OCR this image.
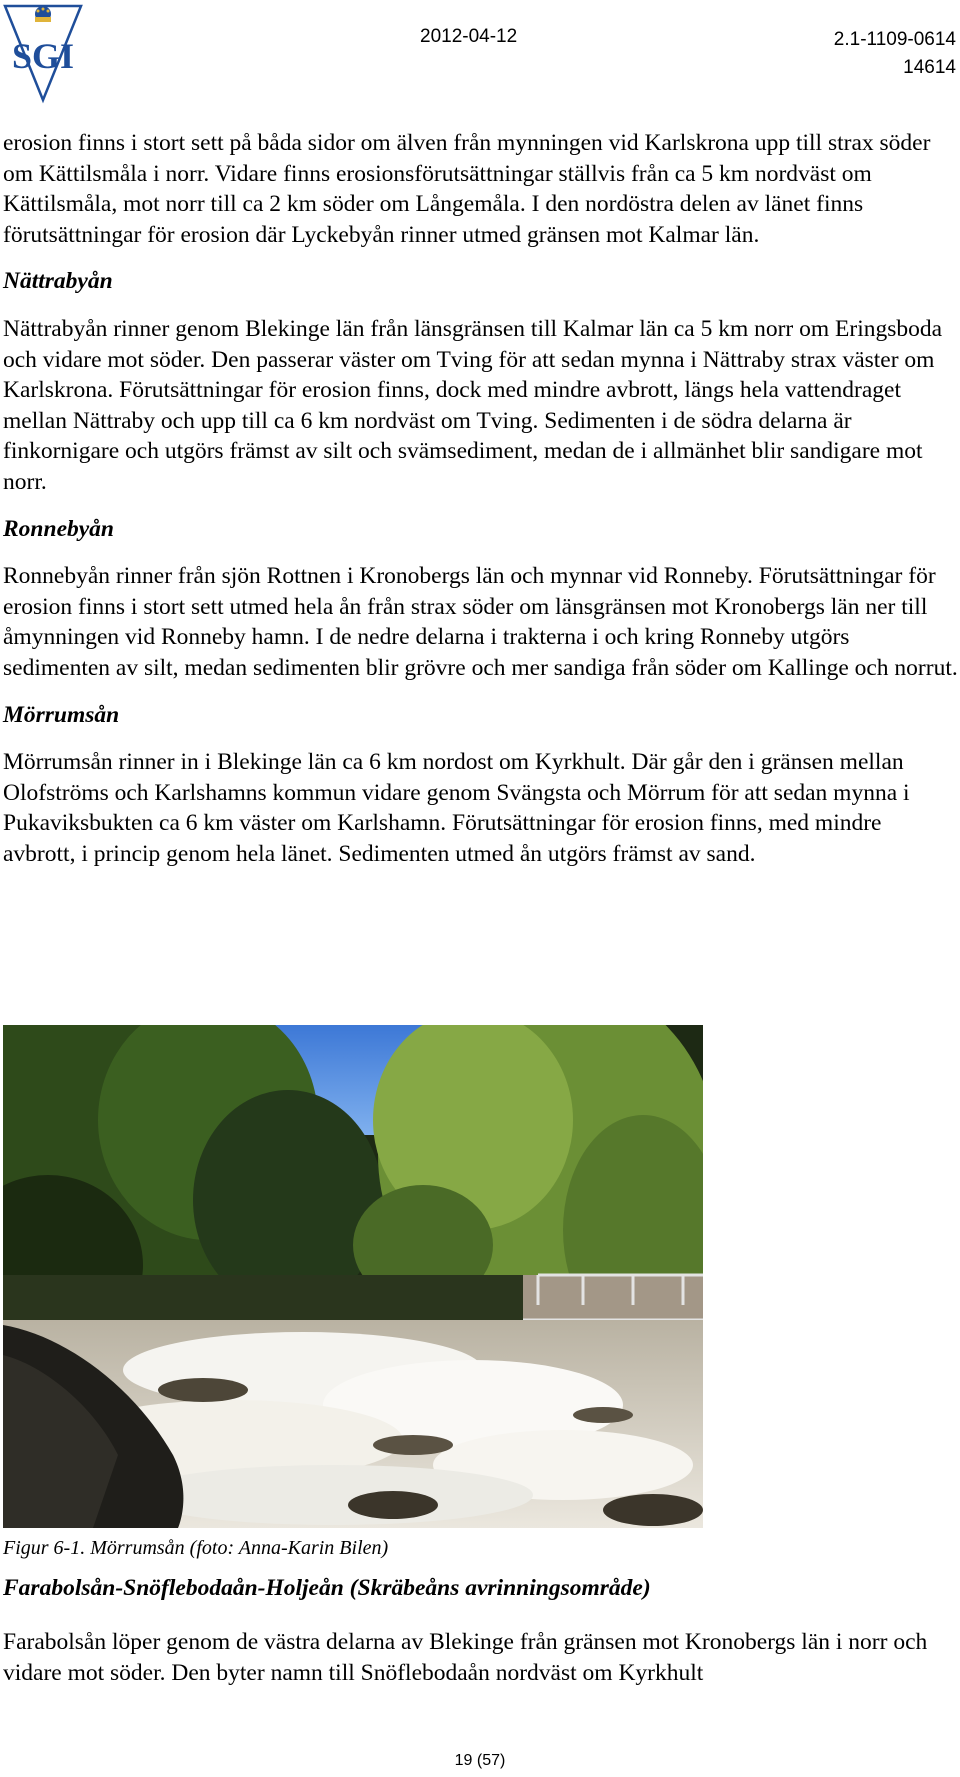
SGI	2012-04-12	2.1-1109-0614
14614

erosion finns i stort sett på båda sidor om älven från mynningen vid Karlskrona upp till strax söder om Kättilsmåla i norr. Vidare finns erosionsförutsättningar ställvis från ca 5 km nordväst om Kättilsmåla, mot norr till ca 2 km söder om Långemåla. I den nordöstra delen av länet finns förutsättningar för erosion där Lyckebyån rinner utmed gränsen mot Kalmar län.

Nättrabyån

Nättrabyån rinner genom Blekinge län från länsgränsen till Kalmar län ca 5 km norr om Eringsboda och vidare mot söder. Den passerar väster om Tving för att sedan mynna i Nättraby strax väster om Karlskrona. Förutsättningar för erosion finns, dock med mindre avbrott, längs hela vattendraget mellan Nättraby och upp till ca 6 km nordväst om Tving. Sedimenten i de södra delarna är finkornigare och utgörs främst av silt och svämsediment, medan de i allmänhet blir sandigare mot norr.

Ronnebyån

Ronnebyån rinner från sjön Rottnen i Kronobergs län och mynnar vid Ronneby. Förutsättningar för erosion finns i stort sett utmed hela ån från strax söder om länsgränsen mot Kronobergs län ner till åmynningen vid Ronneby hamn. I de nedre delarna i trakterna i och kring Ronneby utgörs sedimenten av silt, medan sedimenten blir grövre och mer sandiga från söder om Kallinge och norrut.

Mörrumsån

Mörrumsån rinner in i Blekinge län ca 6 km nordost om Kyrkhult. Där går den i gränsen mellan Olofströms och Karlshamns kommun vidare genom Svängsta och Mörrum för att sedan mynna i Pukaviksbukten ca 6 km väster om Karlshamn. Förutsättningar för erosion finns, med mindre avbrott, i princip genom hela länet. Sedimenten utmed ån utgörs främst av sand.

Figur 6-1. Mörrumsån (foto: Anna-Karin Bilen)
Farabolsån-Snöflebodaån-Holjeån (Skräbeåns avrinningsområde)
Farabolsån löper genom de västra delarna av Blekinge från gränsen mot Kronobergs län i norr och vidare mot söder. Den byter namn till Snöflebodaån nordväst om Kyrkhult
19 (57)
